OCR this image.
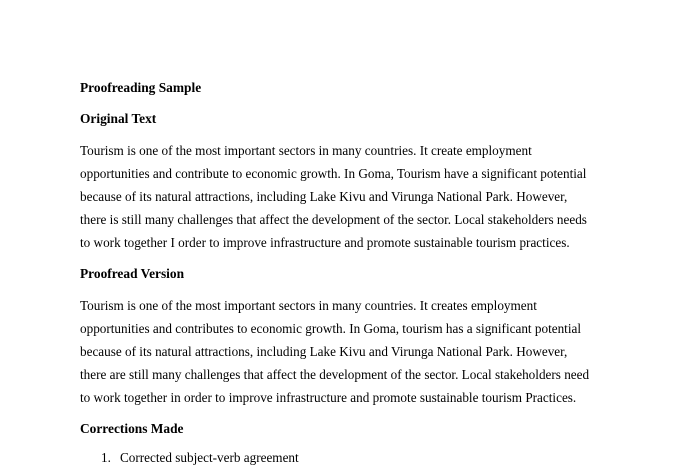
Proofreading Sample

Original Text

Tourism is one of the most important sectors in many countries. It create employment
opportunities and contribute to economic growth. In Goma, Tourism have a significant potential
because of its natural attractions, including Lake Kivu and Virunga National Park. However,
there is still many challenges that affect the development of the sector. Local stakeholders needs
to work together I order to improve infrastructure and promote sustainable tourism practices.

Proofread Version

Tourism is one of the most important sectors in many countries. It creates employment
opportunities and contributes to economic growth. In Goma, tourism has a significant potential
because of its natural attractions, including Lake Kivu and Virunga National Park. However,
there are still many challenges that affect the development of the sector. Local stakeholders need
to work together in order to improve infrastructure and promote sustainable tourism Practices.

Corrections Made

1. Corrected subject-verb agreement
